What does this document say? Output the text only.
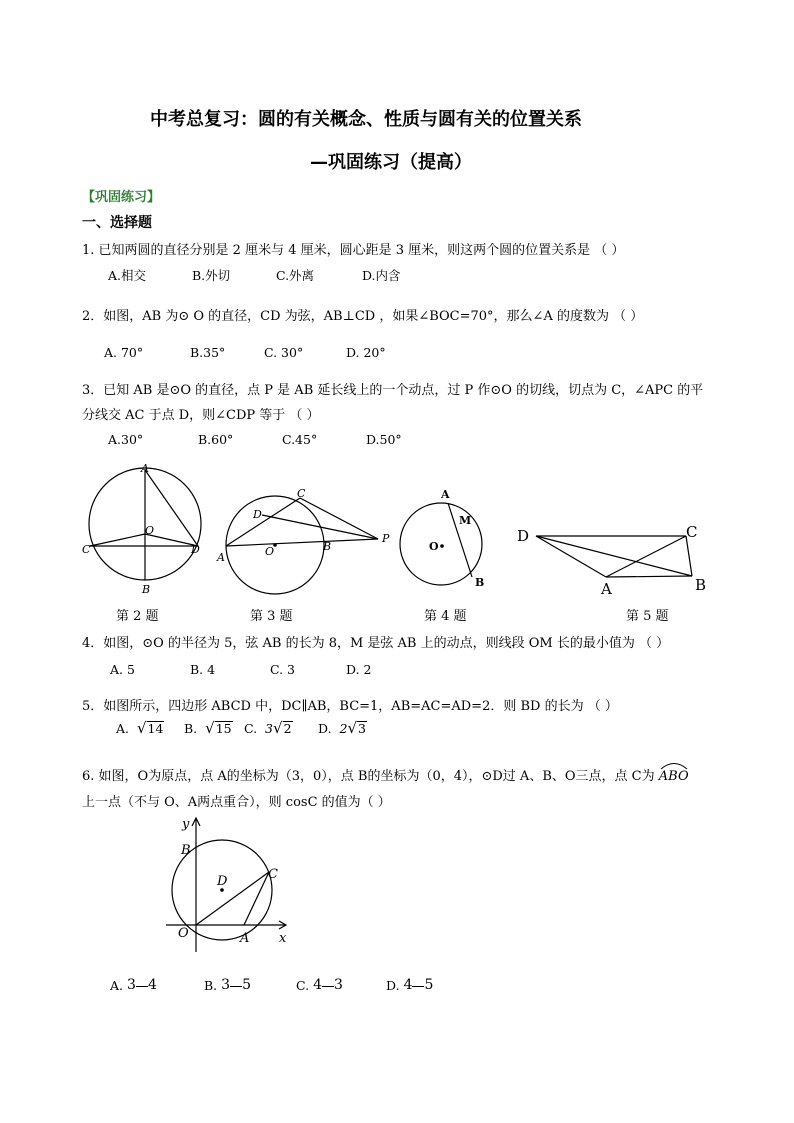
中考总复习：圆的有关概念、性质与圆有关的位置关系
—巩固练习（提高）
【巩固练习】
一、选择题
1. 已知两圆的直径分别是 2 厘米与 4 厘米，圆心距是 3 厘米，则这两个圆的位置关系是 （ ）
A.相交	B.外切	C.外离	D.内含
2．如图，AB 为⊙ O 的直径，CD 为弦，AB⊥CD ，如果∠BOC=70°，那么∠A 的度数为 （ ）
A. 70°	B.35°	C. 30°	D. 20°
3．已知 AB 是⊙O 的直径，点 P 是 AB 延长线上的一个动点，过 P 作⊙O 的切线，切点为 C，∠APC 的平
分线交 AC 于点 D，则∠CDP 等于 （ ）
A.30°	B.60°	C.45°	D.50°
A
B
C	D
O
C
D
O	B
P
A
A
M
O
B
D	C
A	B
第 2 题	第 3 题	第 4 题	第 5 题
4．如图，⊙O 的半径为 5，弦 AB 的长为 8，M 是弦 AB 上的动点，则线段 OM 长的最小值为 （ ）
A. 5	B. 4	C. 3	D. 2
5．如图所示，四边形 ABCD 中，DC∥AB，BC=1，AB=AC=AD=2．则 BD 的长为 （ ）
A. √14	B. √15 C. 3√2	D. 2√3
6. 如图，O为原点，点 A的坐标为（3，0），点 B的坐标为（0，4），⊙D过 A、B、O三点，点 C为 ABO
上一点（不与 O、A两点重合），则 cosC 的值为（ ）
y
x
B
D	C
O	A
A. 3 4	B. 3 5	C. 4 3	D. 4 5
